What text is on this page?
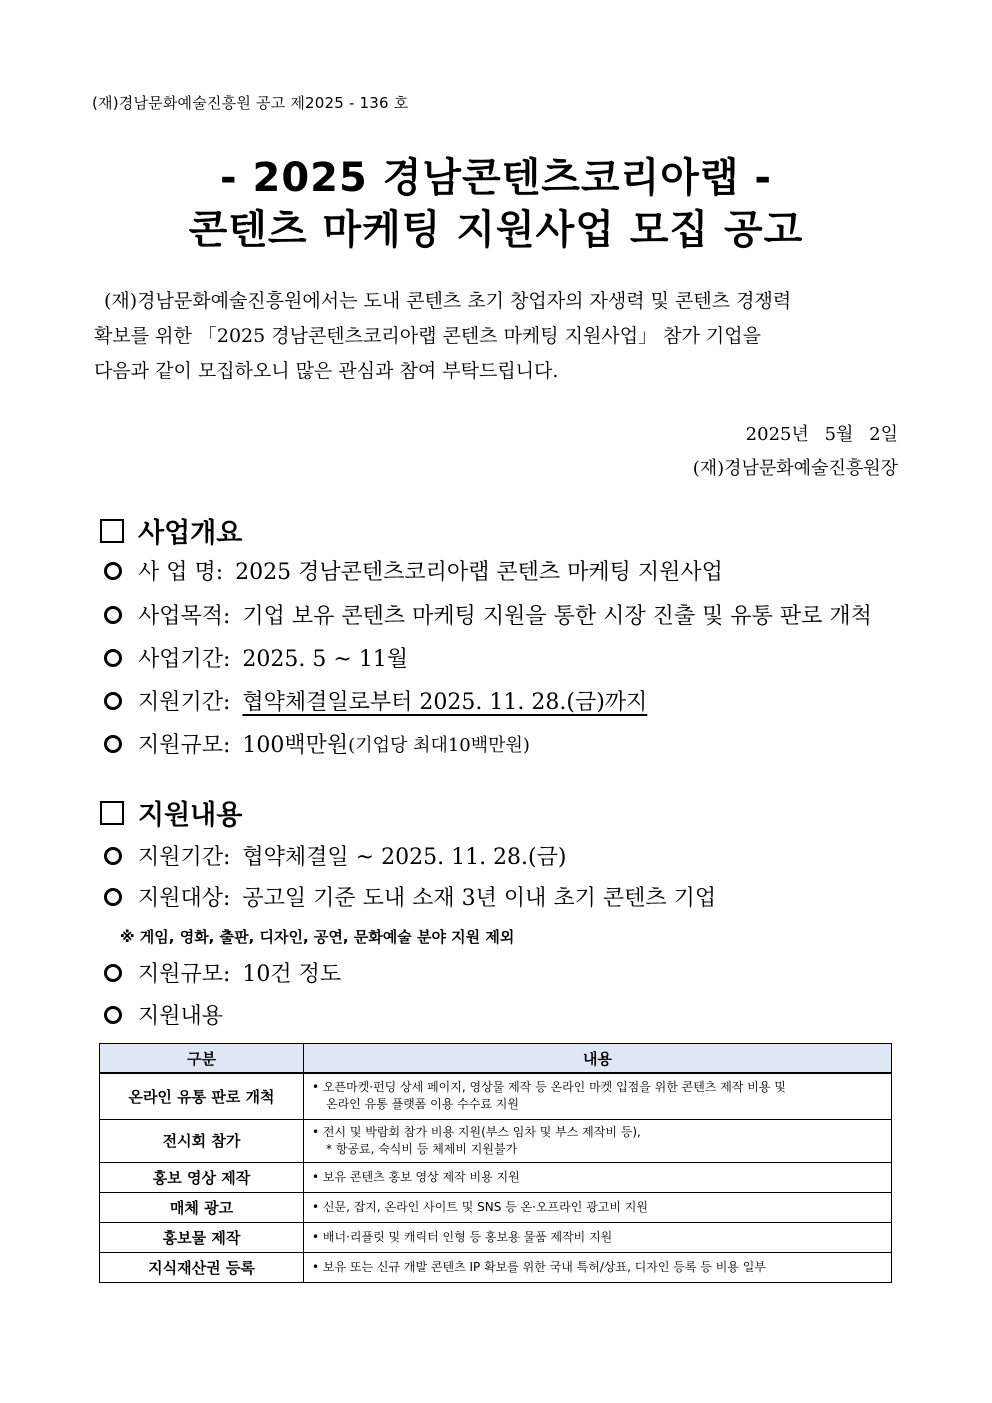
(재)경남문화예술진흥원 공고 제2025 - 136 호
- 2025 경남콘텐츠코리아랩 -
콘텐츠 마케팅 지원사업 모집 공고
(재)경남문화예술진흥원에서는 도내 콘텐츠 초기 창업자의 자생력 및 콘텐츠 경쟁력
확보를 위한 「2025 경남콘텐츠코리아랩 콘텐츠 마케팅 지원사업」 참가 기업을
다음과 같이 모집하오니 많은 관심과 참여 부탁드립니다.
2025년 5월 2일
(재)경남문화예술진흥원장
사업개요
사 업 명: 2025 경남콘텐츠코리아랩 콘텐츠 마케팅 지원사업
사업목적: 기업 보유 콘텐츠 마케팅 지원을 통한 시장 진출 및 유통 판로 개척
사업기간: 2025. 5 ~ 11월
지원기간: 협약체결일로부터 2025. 11. 28.(금)까지
지원규모: 100백만원 (기업당 최대10백만원)
지원내용
지원기간: 협약체결일 ~ 2025. 11. 28.(금)
지원대상: 공고일 기준 도내 소재 3년 이내 초기 콘텐츠 기업
※ 게임, 영화, 출판, 디자인, 공연, 문화예술 분야 지원 제외
지원규모: 10건 정도
지원내용
구분	내용
온라인 유통 판로 개척	• 오픈마켓·펀딩 상세 페이지, 영상물 제작 등 온라인 마켓 입점을 위한 콘텐츠 제작 비용 및
온라인 유통 플랫폼 이용 수수료 지원

전시회 참가	• 전시 및 박람회 참가 비용 지원(부스 임차 및 부스 제작비 등),
* 항공료, 숙식비 등 체제비 지원불가

홍보 영상 제작	• 보유 콘텐츠 홍보 영상 제작 비용 지원

매체 광고	• 신문, 잡지, 온라인 사이트 및 SNS 등 온·오프라인 광고비 지원

홍보물 제작	• 배너·리플릿 및 캐릭터 인형 등 홍보용 물품 제작비 지원

지식재산권 등록	• 보유 또는 신규 개발 콘텐츠 IP 확보를 위한 국내 특허/상표, 디자인 등록 등 비용 일부
